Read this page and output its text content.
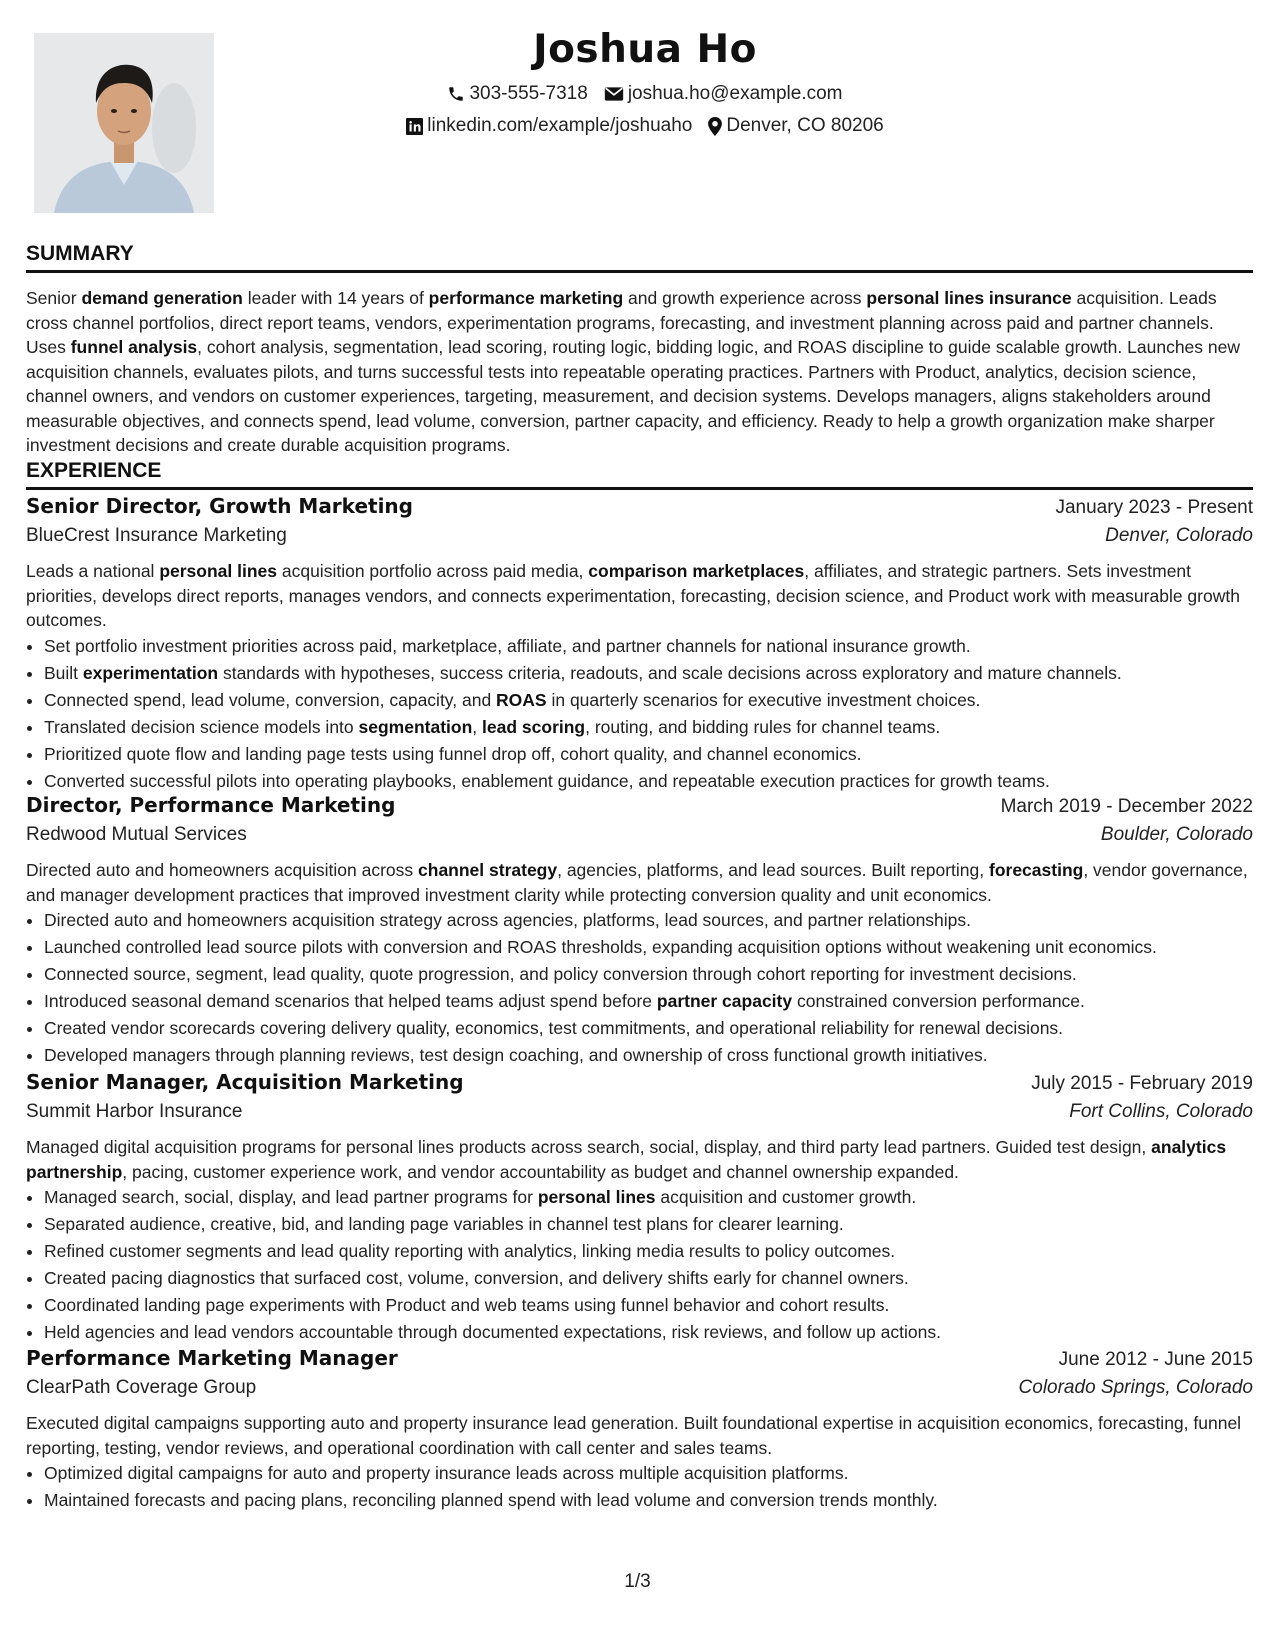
Joshua Ho
303-555-7318 joshua.ho@example.com
linkedin.com/example/joshuaho Denver, CO 80206
SUMMARY
Senior demand generation leader with 14 years of performance marketing and growth experience across personal lines insurance acquisition. Leads cross channel portfolios, direct report teams, vendors, experimentation programs, forecasting, and investment planning across paid and partner channels. Uses funnel analysis, cohort analysis, segmentation, lead scoring, routing logic, bidding logic, and ROAS discipline to guide scalable growth. Launches new acquisition channels, evaluates pilots, and turns successful tests into repeatable operating practices. Partners with Product, analytics, decision science, channel owners, and vendors on customer experiences, targeting, measurement, and decision systems. Develops managers, aligns stakeholders around measurable objectives, and connects spend, lead volume, conversion, partner capacity, and efficiency. Ready to help a growth organization make sharper investment decisions and create durable acquisition programs.
EXPERIENCE
Senior Director, Growth Marketing	January 2023 - Present
BlueCrest Insurance Marketing	Denver, Colorado
Leads a national personal lines acquisition portfolio across paid media, comparison marketplaces, affiliates, and strategic partners. Sets investment priorities, develops direct reports, manages vendors, and connects experimentation, forecasting, decision science, and Product work with measurable growth outcomes.
• Set portfolio investment priorities across paid, marketplace, affiliate, and partner channels for national insurance growth.
• Built experimentation standards with hypotheses, success criteria, readouts, and scale decisions across exploratory and mature channels.
• Connected spend, lead volume, conversion, capacity, and ROAS in quarterly scenarios for executive investment choices.
• Translated decision science models into segmentation, lead scoring, routing, and bidding rules for channel teams.
• Prioritized quote flow and landing page tests using funnel drop off, cohort quality, and channel economics.
• Converted successful pilots into operating playbooks, enablement guidance, and repeatable execution practices for growth teams.
Director, Performance Marketing	March 2019 - December 2022
Redwood Mutual Services	Boulder, Colorado
Directed auto and homeowners acquisition across channel strategy, agencies, platforms, and lead sources. Built reporting, forecasting, vendor governance, and manager development practices that improved investment clarity while protecting conversion quality and unit economics.
• Directed auto and homeowners acquisition strategy across agencies, platforms, lead sources, and partner relationships.
• Launched controlled lead source pilots with conversion and ROAS thresholds, expanding acquisition options without weakening unit economics.
• Connected source, segment, lead quality, quote progression, and policy conversion through cohort reporting for investment decisions.
• Introduced seasonal demand scenarios that helped teams adjust spend before partner capacity constrained conversion performance.
• Created vendor scorecards covering delivery quality, economics, test commitments, and operational reliability for renewal decisions.
• Developed managers through planning reviews, test design coaching, and ownership of cross functional growth initiatives.
Senior Manager, Acquisition Marketing	July 2015 - February 2019
Summit Harbor Insurance	Fort Collins, Colorado
Managed digital acquisition programs for personal lines products across search, social, display, and third party lead partners. Guided test design, analytics partnership, pacing, customer experience work, and vendor accountability as budget and channel ownership expanded.
• Managed search, social, display, and lead partner programs for personal lines acquisition and customer growth.
• Separated audience, creative, bid, and landing page variables in channel test plans for clearer learning.
• Refined customer segments and lead quality reporting with analytics, linking media results to policy outcomes.
• Created pacing diagnostics that surfaced cost, volume, conversion, and delivery shifts early for channel owners.
• Coordinated landing page experiments with Product and web teams using funnel behavior and cohort results.
• Held agencies and lead vendors accountable through documented expectations, risk reviews, and follow up actions.
Performance Marketing Manager	June 2012 - June 2015
ClearPath Coverage Group	Colorado Springs, Colorado
Executed digital campaigns supporting auto and property insurance lead generation. Built foundational expertise in acquisition economics, forecasting, funnel reporting, testing, vendor reviews, and operational coordination with call center and sales teams.
• Optimized digital campaigns for auto and property insurance leads across multiple acquisition platforms.
• Maintained forecasts and pacing plans, reconciling planned spend with lead volume and conversion trends monthly.
1/3
